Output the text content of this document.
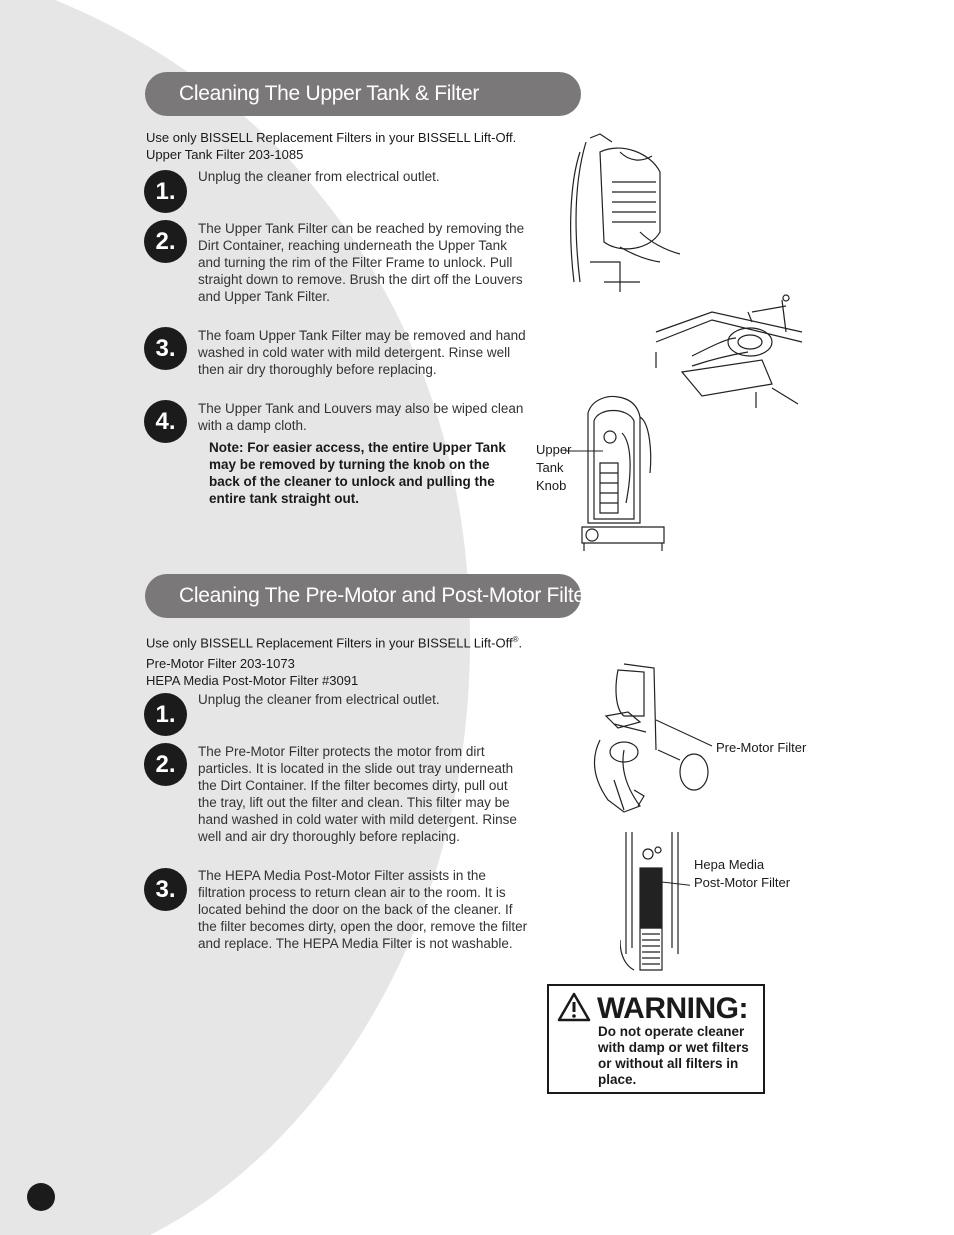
Cleaning The Upper Tank & Filter

Use only BISSELL Replacement Filters in your BISSELL Lift-Off.

Upper Tank Filter 203-1085

1.

Unplug the cleaner from electrical outlet.

2.	The Upper Tank Filter can be reached by removing the Dirt Container, reaching underneath the Upper Tank and turning the rim of the Filter Frame to unlock. Pull straight down to remove. Brush the dirt off the Louvers and Upper Tank Filter.

3.	The foam Upper Tank Filter may be removed and hand washed in cold water with mild detergent. Rinse well then air dry thoroughly before replacing.

4.	The Upper Tank and Louvers may also be wiped clean with a damp cloth.

Note: For easier access, the entire Upper Tank may be removed by turning the knob on the back of the cleaner to unlock and pulling the entire tank straight out.

Upper

Tank

Knob

Cleaning The Pre-Motor and Post-Motor Filters

Use only BISSELL Replacement Filters in your BISSELL Lift-Off®.

Pre-Motor Filter 203-1073

HEPA Media Post-Motor Filter #3091

1.

Unplug the cleaner from electrical outlet.

2.	The Pre-Motor Filter protects the motor from dirt particles. It is located in the slide out tray underneath the Dirt Container. If the filter becomes dirty, pull out the tray, lift out the filter and clean. This filter may be hand washed in cold water with mild detergent. Rinse well and air dry thoroughly before replacing.

3.

The HEPA Media Post-Motor Filter assists in the filtration process to return clean air to the room. It is located behind the door on the back of the cleaner. If the filter becomes dirty, open the door, remove the filter and replace. The HEPA Media Filter is not washable.

Pre-Motor Filter

Hepa Media

Post-Motor Filter

WARNING:

Do not operate cleaner with damp or wet filters or without all filters in place.
